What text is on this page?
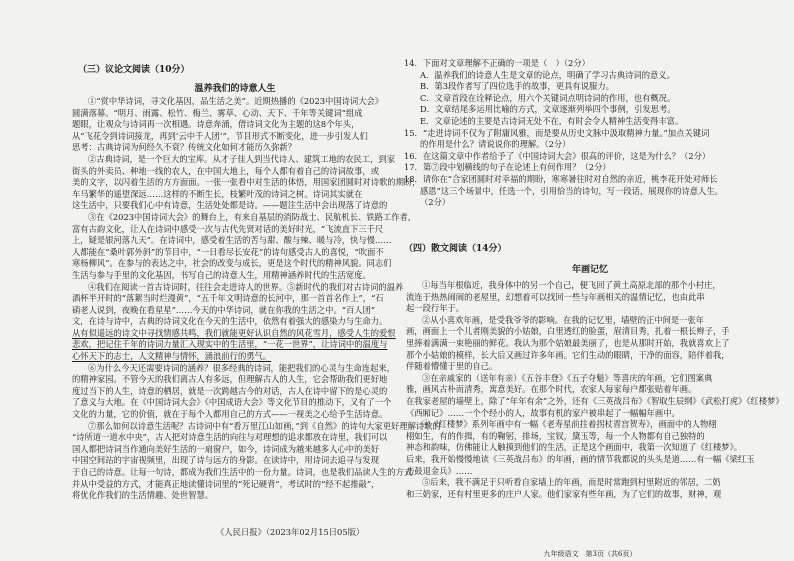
（三）议论文阅读（10分）
温养我们的诗意人生
①“赏中华诗词，寻文化基因，品生活之美”。近期热播的《2023中国诗词大会》
圆满落幕。“明月、雨露、松竹、梅兰、雾草、心动、天下、千年等关键词”组成
题眼，让观众与诗词再一次相遇。诗意奔涌，借诗词文化为主题的这8个年头，
从“飞花令到诗词接龙，再到‘云中千人团’”，节目形式不断变化，进一步引发人们
思考：古典诗词为何经久不衰？传统文化如何才能历久弥新？
②古典诗词，是一个巨大的宝库。从才子佳人到当代诗人、建筑工地的农民工，到家
街头的外卖员、种地一线的农人，在中国大地上，每个人都有着自己的诗词故事，或
美的文字，以闪着生活的方方面面。一张一张看中对生活的体悟，用国家团圆时对诗歌的期盼，
车马繁华的遥望深远……这样的不断生长，枝繁叶茂的诗词之树。诗词其实就在
这生活中，只要我们心中有诗意，生活处处都是诗。——题注生活中会出现落了诗意的
③在《2023中国诗词大会》的舞台上，有来自基层的消防战士、民航机长、铁路工作者，
富有古韵文化，让人在诗词中感受一次与古代先贤对话的美好时光，“飞流直下三千尺
上，疑是银河落九天”。在诗词中，感受着生活的苦与甜、酸与辣、暖与冷，快与慢……
人都能在“桑叶郭外斜”的节目中，“一日看尽长安花”的诗句感受古人的喜悦，“吹面不
寒杨柳风”。在参与的表达之中，社会的改变与成长，更是这个时代的精神风貌。同志们
生活与参与手里的文化基因，书写自己的诗意人生，用精神涵养时代的生活宽度。
④我们在阅读一首古诗词时，往往会走进诗人的世界。⑤新时代的我们对古诗词的温养
酒杯半开时的“落絮当时烂漫黄”，“五千年文明诗意的长河中，那一首首名作上”，“石
硝老人说到，夜晚在看星星”……今天的中华诗词，就在你我的生活之中。“百人团”
文，在诗与诗中，古典的诗词文化在今天的生活中，依然有着强大的感染力与生命力。
从有似遥远的诗文中寻找情感共鸣，我们就能更好认识自然的风花雪月，感受人生的爱恨
悲欢，把记住千年的诗词力量汇入现实中的生活里，“一花一世界”，让诗词中的温度与
心怀天下的志士，人文精神与情怀，涌浪前行的勇气。
⑥为什么今天还需要诗词的涵养？很多经典的诗词，能把我们的心灵与生命连起来，
的精神家园。不管今天的我们离古人有多远，但理解古人的人生，它会帮助我们更好地
度过当下的人生，诗意的栖居，就是一次跨越古今的对话，古人在诗中留下的是心灵的
了意义与大地。在《中国诗词大会》《中国成语大会》等文化节目的推动下，又有了一个
文化的力量，它的价值，就在于每个人都用自己的方式——一视美之心给予生活诗意。
⑦那么如何以诗意生活呢？古诗词中有“看万里江山如画，”到《自然》的诗句大家更好理解诗歌的
“诗所道一道水中央”，古人把对诗意生活的向往与对理想的追求都放在诗里，我们可以
国人都把诗词当作通向美好生活的一扇窗户，如今，诗词成为越来越多人心中的美好
中国空间站的宇宙视频里，出现了诗与远方的身影。在读诗中，用诗词去追寻与发现
于自己的诗意。让每一句诗，都成为我们生活中的一份力量。诗词，也是我们品读人生的方式
并从中受益的方式，才能真正地读懂诗词里的“死记硬背”，考试时的“经不起推敲”，
将优化作我们的生活情趣、处世智慧。
《人民日报》（2023年02月15日05版）
14．下面对文章理解不正确的一项是（　）（2分）
A．温养我们的诗意人生是文章的论点，明确了学习古典诗词的意义。
B．第3段作者写了四位选手的故事，更具有说服力。
C．文章首段在诠释论点，用六个关键词点明诗词的作用，也有概况。
D．文章结尾多运用比喻的方式，文章逐渐列举四个事例，引发思考。
E．文章论述的主要是古诗词无处不在，有时会令人精神生活变得丰富。
15．“走进诗词不仅为了附庸风雅，而是要从历史文脉中汲取精神力量。”加点关键词
的作用是什么？请说说你的理解。（2分）
16．在这篇文章中作者给予了《中国诗词大会》很高的评价，这是为什么？（2分）
17．第⑦段中划横线的句子在论述上有何作用？（2分）
18．请你在“合家团圆时对幸福的期盼，寒寒暑往时对自然的亲近，桃李花开处对师长
感恩”这三个场景中，任选一个，引用恰当的诗句，写一段话，展现你的诗意人生。
（2分）
（四）散文阅读（14分）
年画记忆
①每当年根临近，我身体中的另一个自己，便飞回了黄土高原北部的那个小村庄，
流连于热热闹闹的老屋里，幻想着可以找回一些与年画相关的温情记忆，也由此串
起一段行年于。
②从小喜欢年画，是受我爷爷的影响。在我的记忆里，墙壁的正中间是一张年
画，画面上一个儿者刚美貌的小姑娘，白里透红的脸蛋，眉清目秀，扎着一根长辫子，手
里捧着满满一束艳丽的鲜花。我认为那个姑娘最美丽了，也是从那时开始，我就喜欢上了
那个小姑娘的模样，长大后又画过许多年画。它们生动的眼睛，干净的面容，陪伴着我，
伴随着懵懂于里的自己。
③在亲戚家的（送年有亲）《五谷丰登》《五子夺魁》等喜庆的年画，它们图案典
雅，画风古朴而清秀，寓意美好。在那个时代，农家人每家每户都张贴着年画。
在我家老屋的墙壁上，除了“年年有余”之外，还有《三英战吕布》《智取生辰纲》《武松打虎》《红楼梦》
《西厢记》……一个个经小的人，故事有机的家户被串起了一幅幅年画中。
④《红楼梦》系列年画中有一幅《老寿星前拄着拐杖晋宫贺寿》，画面中的人物栩
栩如生，有的作揖，有的鞠躬，排场，宝钗，黛玉等，每一个人物都有自己独特的
神态和韵味，仿佛能让人触摸到他们的生活，正是这个画面中，我第一次知道了《红楼梦》。
后来，我开始慢慢地读《三英战吕布》的年画，画的情节我都说的头头是道……有一幅《梁红玉
击鼓退金兵》……
⑤后来，我不满足于只听看自家墙上的年画，而是时常跑到村里附近的邻居，二奶
和三奶家，还有村里更多的庄户人家。他们家家有些年画，为了它们的故事，财神，观
九年级语文　第3页（共6页）
